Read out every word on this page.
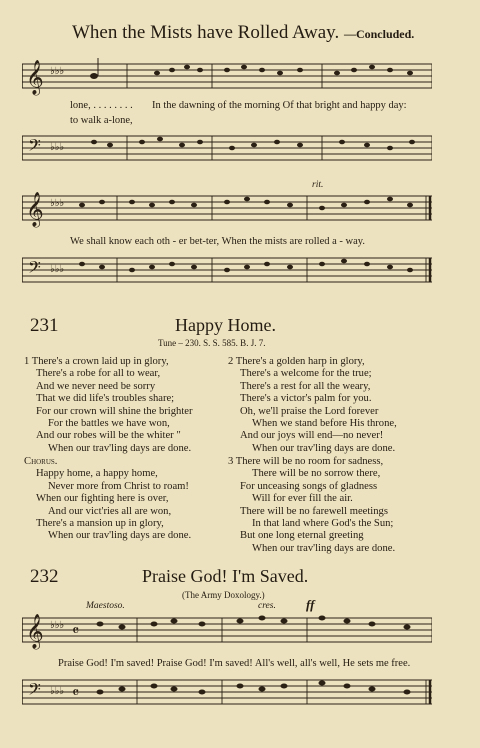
When the Mists have Rolled Away. —Concluded.
𝄞 ♭♭♭
lone, . . . . . . . . In the dawning of the morning Of that bright and happy day:
to walk a-lone,
𝄢 ♭♭♭
rit.
𝄞 ♭♭♭
We shall know each oth - er bet-ter, When the mists are rolled a - way.
𝄢 ♭♭♭
231	Happy Home.
Tune – 230. S. S. 585. B. J. 7.
1 There's a crown laid up in glory,
There's a robe for all to wear,
And we never need be sorry
That we did life's troubles share;
For our crown will shine the brighter
For the battles we have won,
And our robes will be the whiter ʺ
When our trav'ling days are done.
2 There's a golden harp in glory,
There's a welcome for the true;
There's a rest for all the weary,
There's a victor's palm for you.
Oh, we'll praise the Lord forever
When we stand before His throne,
And our joys will end—no never!
When our trav'ling days are done.
Chorus.
Happy home, a happy home,
Never more from Christ to roam!
When our fighting here is over,
And our vict'ries all are won,
There's a mansion up in glory,
When our trav'ling days are done.
3 There will be no room for sadness,
There will be no sorrow there,
For unceasing songs of gladness
Will for ever fill the air.
There will be no farewell meetings
In that land where God's the Sun;
But one long eternal greeting
When our trav'ling days are done.
232	Praise God! I'm Saved.
(The Army Doxology.)
Maestoso.	cres. ff
𝄞 ♭♭♭ 𝄴
Praise God! I'm saved! Praise God! I'm saved! All's well, all's well, He sets me free.
𝄢 ♭♭♭ 𝄴
